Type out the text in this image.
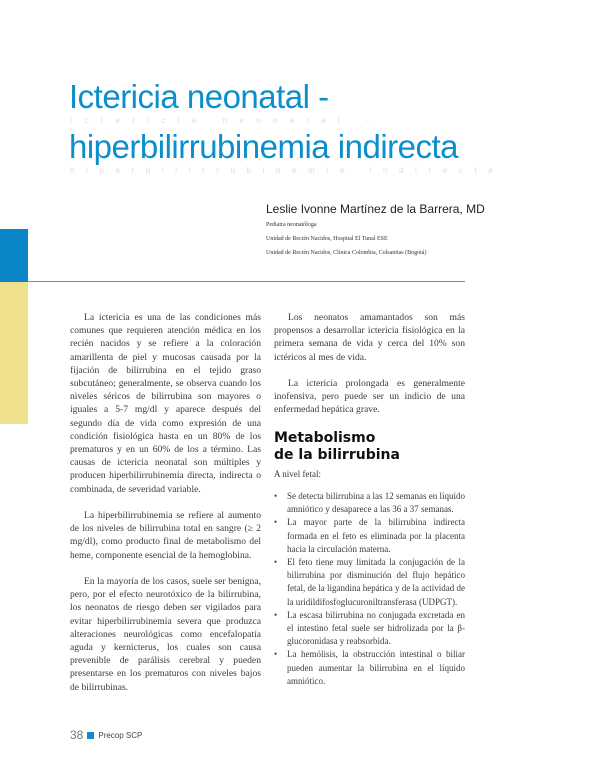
Ictericia neonatal -
Ictericia neonatal -
hiperbilirrubinemia indirecta
hiperbilirrubinemia indirecta
Leslie Ivonne Martínez de la Barrera, MD
Pediatra neonatóloga
Unidad de Recién Nacidos, Hospital El Tunal ESE
Unidad de Recién Nacidos, Clínica Colombia, Colsanitas (Bogotá)

La ictericia es una de las condiciones más comunes que requieren atención médica en los recién nacidos y se refiere a la coloración amarillenta de piel y mucosas causada por la fijación de bilirrubina en el tejido graso subcutáneo; generalmente, se observa cuando los niveles séricos de bilirrubina son mayores o iguales a 5-7 mg/dl y aparece después del segundo día de vida como expresión de una condición fisiológica hasta en un 80% de los prematuros y en un 60% de los a término. Las causas de ictericia neonatal son múltiples y producen hiperbilirrubinemia directa, indirecta o combinada, de severidad variable.

La hiperbilirrubinemia se refiere al aumento de los niveles de bilirrubina total en sangre (≥ 2 mg/dl), como producto final de metabolismo del heme, componente esencial de la hemoglobina.

En la mayoría de los casos, suele ser benigna, pero, por el efecto neurotóxico de la bilirrubina, los neonatos de riesgo deben ser vigilados para evitar hiperbilirrubinemia severa que produzca alteraciones neurológicas como encefalopatía aguda y kernicterus, los cuales son causa prevenible de parálisis cerebral y pueden presentarse en los prematuros con niveles bajos de bilirrubinas.

Los neonatos amamantados son más propensos a desarrollar ictericia fisiológica en la primera semana de vida y cerca del 10% son ictéricos al mes de vida.

La ictericia prolongada es generalmente inofensiva, pero puede ser un indicio de una enfermedad hepática grave.

Metabolismo
de la bilirrubina

A nivel fetal:

• Se detecta bilirrubina a las 12 semanas en líquido amniótico y desaparece a las 36 a 37 semanas.
• La mayor parte de la bilirrubina indirecta formada en el feto es eliminada por la placenta hacia la circulación materna.
• El feto tiene muy limitada la conjugación de la bilirrubina por disminución del flujo hepático fetal, de la ligandina hepática y de la actividad de la uridildifosfoglucuroniltransferasa (UDPGT).
• La escasa bilirrubina no conjugada excretada en el intestino fetal suele ser hidrolizada por la β-glucoronidasa y reabsorbida.
• La hemólisis, la obstrucción intestinal o biliar pueden aumentar la bilirrubina en el líquido amniótico.
38 Precop SCP
